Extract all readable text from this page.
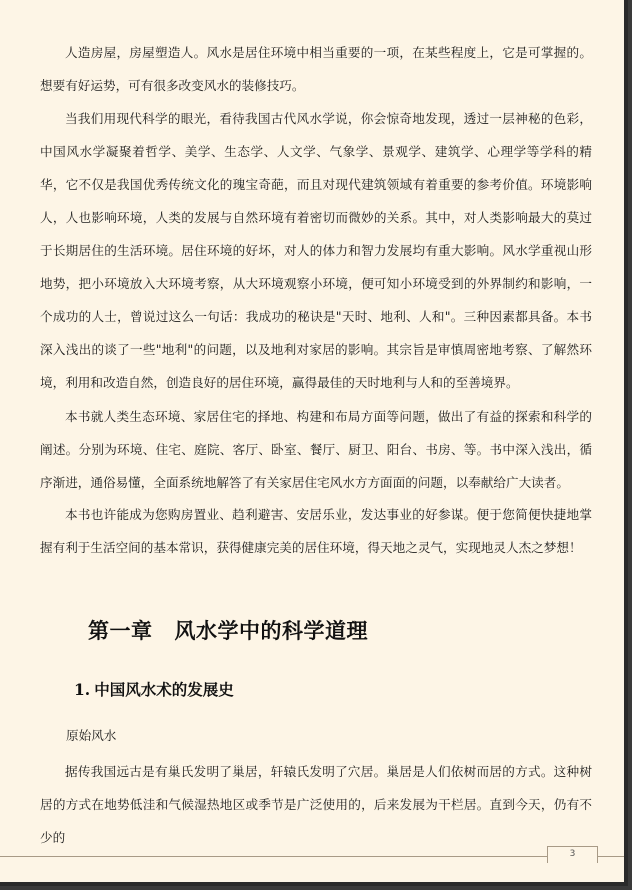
人造房屋，房屋塑造人。风水是居住环境中相当重要的一项，在某些程度上，它是可掌握的。想要有好运势，可有很多改变风水的装修技巧。

当我们用现代科学的眼光，看待我国古代风水学说，你会惊奇地发现，透过一层神秘的色彩，中国风水学凝聚着哲学、美学、生态学、人文学、气象学、景观学、建筑学、心理学等学科的精华，它不仅是我国优秀传统文化的瑰宝奇葩，而且对现代建筑领域有着重要的参考价值。环境影响人，人也影响环境，人类的发展与自然环境有着密切而微妙的关系。其中，对人类影响最大的莫过于长期居住的生活环境。居住环境的好坏，对人的体力和智力发展均有重大影响。风水学重视山形地势，把小环境放入大环境考察，从大环境观察小环境，便可知小环境受到的外界制约和影响，一个成功的人士，曾说过这么一句话：我成功的秘诀是"天时、地利、人和"。三种因素都具备。本书深入浅出的谈了一些"地利"的问题，以及地利对家居的影响。其宗旨是审慎周密地考察、了解然环境，利用和改造自然，创造良好的居住环境，赢得最佳的天时地利与人和的至善境界。

本书就人类生态环境、家居住宅的择地、构建和布局方面等问题，做出了有益的探索和科学的阐述。分别为环境、住宅、庭院、客厅、卧室、餐厅、厨卫、阳台、书房、等。书中深入浅出，循序渐进，通俗易懂，全面系统地解答了有关家居住宅风水方方面面的问题，以奉献给广大读者。

本书也许能成为您购房置业、趋利避害、安居乐业，发达事业的好参谋。便于您简便快捷地掌握有利于生活空间的基本常识，获得健康完美的居住环境，得天地之灵气，实现地灵人杰之梦想！

第一章 风水学中的科学道理
1. 中国风水术的发展史

原始风水

据传我国远古是有巢氏发明了巢居，轩辕氏发明了穴居。巢居是人们依树而居的方式。这种树居的方式在地势低洼和气候湿热地区或季节是广泛使用的，后来发展为干栏居。直到今天，仍有不少的

3
